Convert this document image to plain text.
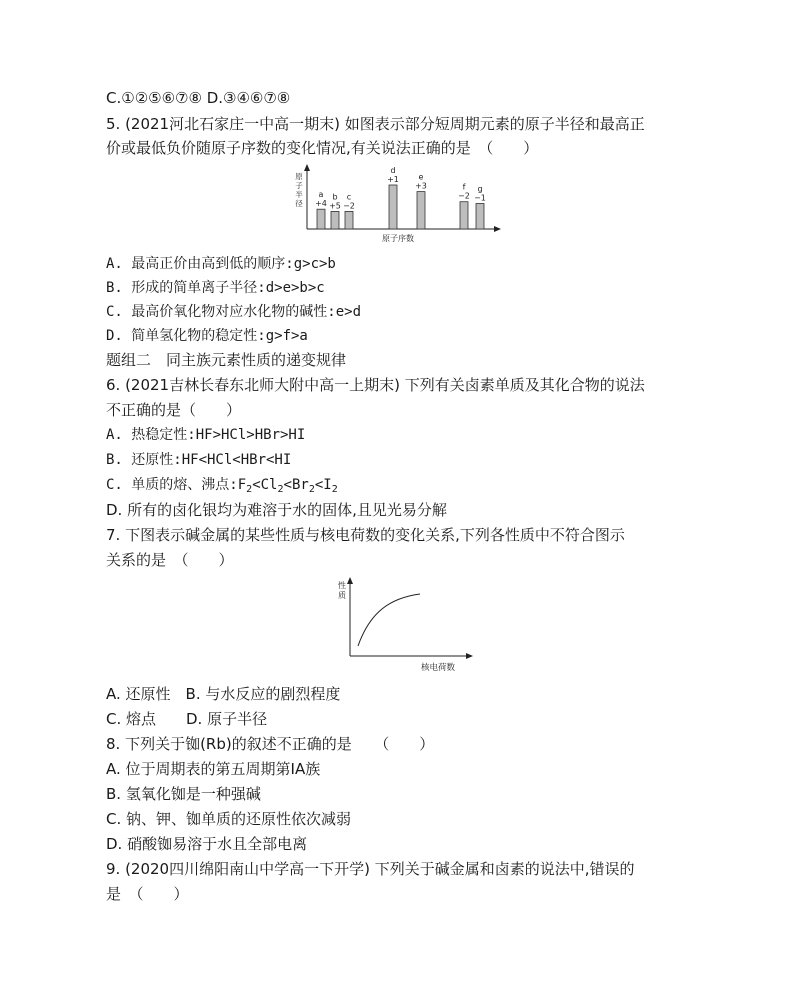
C.①②⑤⑥⑦⑧ D.③④⑥⑦⑧
5. (2021河北石家庄一中高一期末) 如图表示部分短周期元素的原子半径和最高正
价或最低负价随原子序数的变化情况,有关说法正确的是　（　　）
原子半径
原子序数
+4
a
+5
b
−2
c
+1
d
+3
e
−2
f
−1
g
A. 最高正价由高到低的顺序:g>c>b
B. 形成的简单离子半径:d>e>b>c
C. 最高价氧化物对应水化物的碱性:e>d
D. 简单氢化物的稳定性:g>f>a
题组二　同主族元素性质的递变规律
6. (2021吉林长春东北师大附中高一上期末) 下列有关卤素单质及其化合物的说法
不正确的是（　　）
A. 热稳定性:HF>HCl>HBr>HI
B. 还原性:HF<HCl<HBr<HI
C. 单质的熔、沸点$:F_2<Cl_2<Br_2<I_2$
D. 所有的卤化银均为难溶于水的固体,且见光易分解
7. 下图表示碱金属的某些性质与核电荷数的变化关系,下列各性质中不符合图示
关系的是　（　　）
性质
核电荷数
A. 还原性　B. 与水反应的剧烈程度
C. 熔点　　D. 原子半径
8. 下列关于铷(Rb)的叙述不正确的是　　（　　）
A. 位于周期表的第五周期第ⅠA族
B. 氢氧化铷是一种强碱
C. 钠、钾、铷单质的还原性依次减弱
D. 硝酸铷易溶于水且全部电离
9. (2020四川绵阳南山中学高一下开学) 下列关于碱金属和卤素的说法中,错误的
是　（　　）
